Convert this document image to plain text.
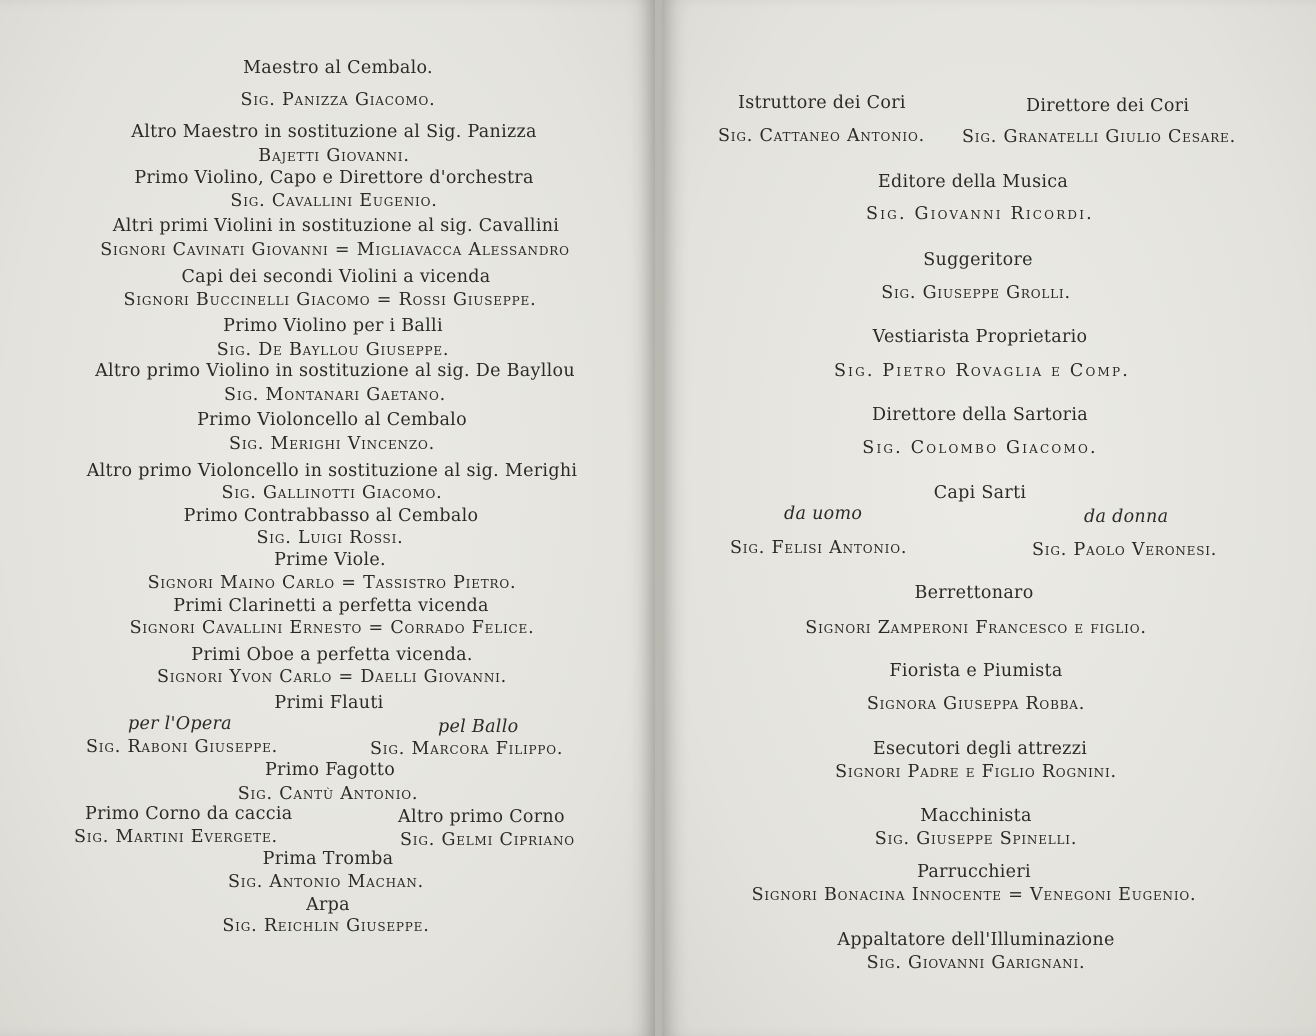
Maestro al Cembalo.
Sig. Panizza Giacomo.
Altro Maestro in sostituzione al Sig. Panizza
Bajetti Giovanni.
Primo Violino, Capo e Direttore d'orchestra
Sig. Cavallini Eugenio.
Altri primi Violini in sostituzione al sig. Cavallini
Signori Cavinati Giovanni = Migliavacca Alessandro
Capi dei secondi Violini a vicenda
Signori Buccinelli Giacomo = Rossi Giuseppe.
Primo Violino per i Balli
Sig. De Bayllou Giuseppe.
Altro primo Violino in sostituzione al sig. De Bayllou
Sig. Montanari Gaetano.
Primo Violoncello al Cembalo
Sig. Merighi Vincenzo.
Altro primo Violoncello in sostituzione al sig. Merighi
Sig. Gallinotti Giacomo.
Primo Contrabbasso al Cembalo
Sig. Luigi Rossi.
Prime Viole.
Signori Maino Carlo = Tassistro Pietro.
Primi Clarinetti a perfetta vicenda
Signori Cavallini Ernesto = Corrado Felice.
Primi Oboe a perfetta vicenda.
Signori Yvon Carlo = Daelli Giovanni.
Primi Flauti
per l'Opera	pel Ballo
Sig. Raboni Giuseppe.	Sig. Marcora Filippo.
Primo Fagotto
Sig. Cantù Antonio.
Primo Corno da caccia	Altro primo Corno
Sig. Martini Evergete.	Sig. Gelmi Cipriano
Prima Tromba
Sig. Antonio Machan.
Arpa
Sig. Reichlin Giuseppe.
Istruttore dei Cori	Direttore dei Cori
Sig. Cattaneo Antonio. Sig. Granatelli Giulio Cesare.
Editore della Musica
Sig. Giovanni Ricordi.
Suggeritore
Sig. Giuseppe Grolli.
Vestiarista Proprietario
Sig. Pietro Rovaglia e Comp.
Direttore della Sartoria
Sig. Colombo Giacomo.
Capi Sarti
da uomo	da donna
Sig. Felisi Antonio.	Sig. Paolo Veronesi.
Berrettonaro
Signori Zamperoni Francesco e figlio.
Fiorista e Piumista
Signora Giuseppa Robba.
Esecutori degli attrezzi
Signori Padre e Figlio Rognini.
Macchinista
Sig. Giuseppe Spinelli.
Parrucchieri
Signori Bonacina Innocente = Venegoni Eugenio.
Appaltatore dell'Illuminazione
Sig. Giovanni Garignani.
